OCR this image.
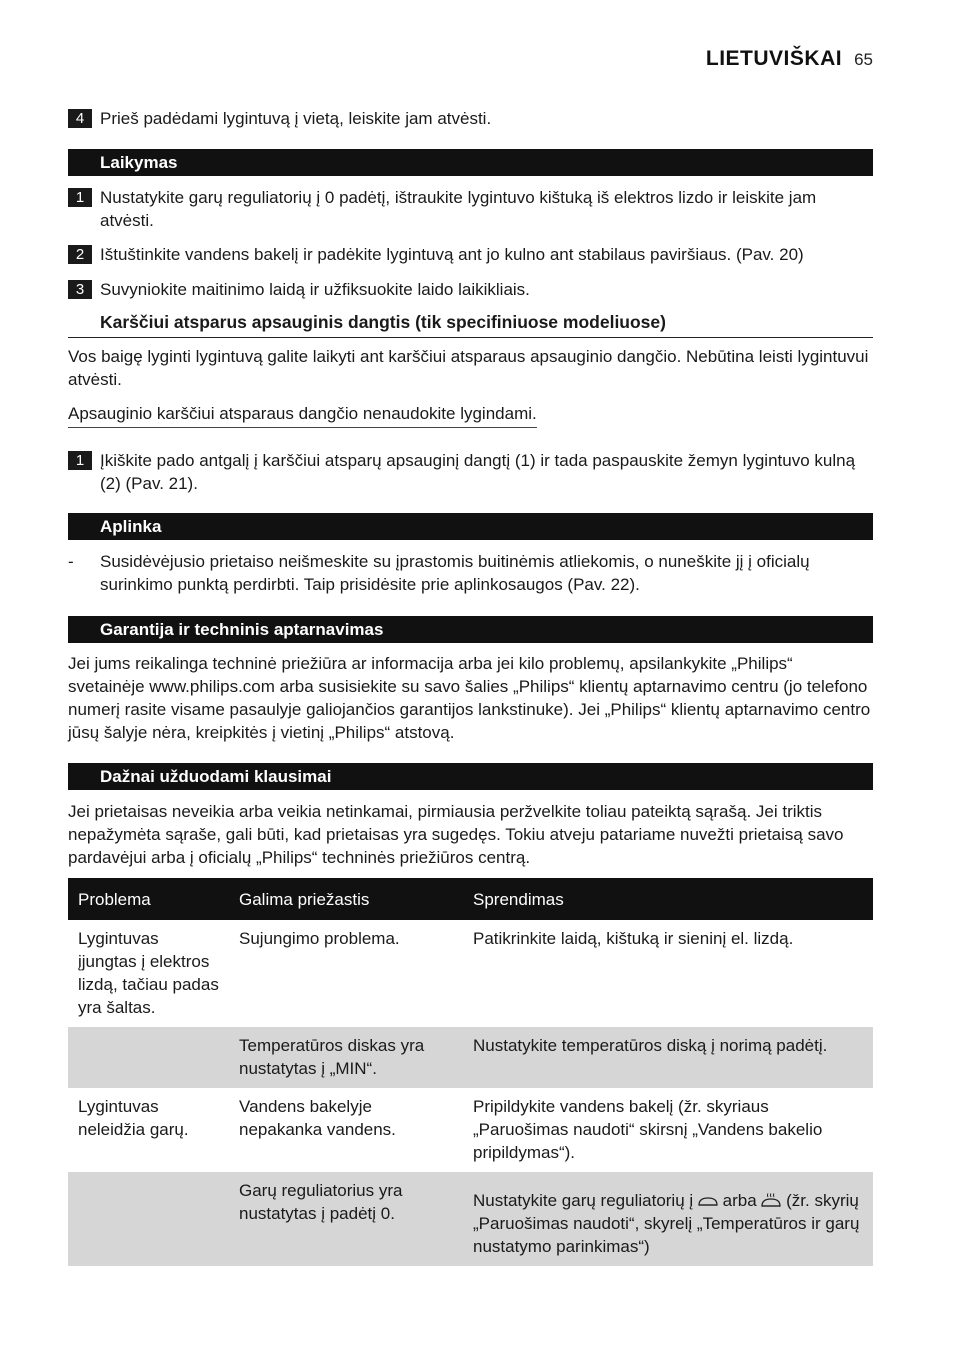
LIETUVIŠKAI 65
4 Prieš padėdami lygintuvą į vietą, leiskite jam atvėsti.
Laikymas
1 Nustatykite garų reguliatorių į 0 padėtį, ištraukite lygintuvo kištuką iš elektros lizdo ir leiskite jam atvėsti.
2 Ištuštinkite vandens bakelį ir padėkite lygintuvą ant jo kulno ant stabilaus paviršiaus. (Pav. 20)
3 Suvyniokite maitinimo laidą ir užfiksuokite laido laikikliais.
Karščiui atsparus apsauginis dangtis (tik specifiniuose modeliuose)
Vos baigę lyginti lygintuvą galite laikyti ant karščiui atsparaus apsauginio dangčio. Nebūtina leisti lygintuvui atvėsti.
Apsauginio karščiui atsparaus dangčio nenaudokite lygindami.
1 Įkiškite pado antgalį į karščiui atsparų apsauginį dangtį (1) ir tada paspauskite žemyn lygintuvo kulną (2) (Pav. 21).
Aplinka
-	Susidėvėjusio prietaiso neišmeskite su įprastomis buitinėmis atliekomis, o nuneškite jį į oficialų surinkimo punktą perdirbti. Taip prisidėsite prie aplinkosaugos (Pav. 22).
Garantija ir techninis aptarnavimas
Jei jums reikalinga techninė priežiūra ar informacija arba jei kilo problemų, apsilankykite „Philips“ svetainėje www.philips.com arba susisiekite su savo šalies „Philips“ klientų aptarnavimo centru (jo telefono numerį rasite visame pasaulyje galiojančios garantijos lankstinuke). Jei „Philips“ klientų aptarnavimo centro jūsų šalyje nėra, kreipkitės į vietinį „Philips“ atstovą.
Dažnai užduodami klausimai
Jei prietaisas neveikia arba veikia netinkamai, pirmiausia peržvelkite toliau pateiktą sąrašą. Jei triktis nepažymėta sąraše, gali būti, kad prietaisas yra sugedęs. Tokiu atveju patariame nuvežti prietaisą savo pardavėjui arba į oficialų „Philips“ techninės priežiūros centrą.
Problema	Galima priežastis	Sprendimas
Lygintuvas įjungtas į elektros lizdą, tačiau padas yra šaltas.	Sujungimo problema.	Patikrinkite laidą, kištuką ir sieninį el. lizdą.
	Temperatūros diskas yra nustatytas į „MIN“.	Nustatykite temperatūros diską į norimą padėtį.
Lygintuvas neleidžia garų.	Vandens bakelyje nepakanka vandens.	Pripildykite vandens bakelį (žr. skyriaus „Paruošimas naudoti“ skirsnį „Vandens bakelio pripildymas“).
	Garų reguliatorius yra nustatytas į padėtį 0.	Nustatykite garų reguliatorių į arba (žr. skyrių „Paruošimas naudoti“, skyrelį „Temperatūros ir garų nustatymo parinkimas“)
